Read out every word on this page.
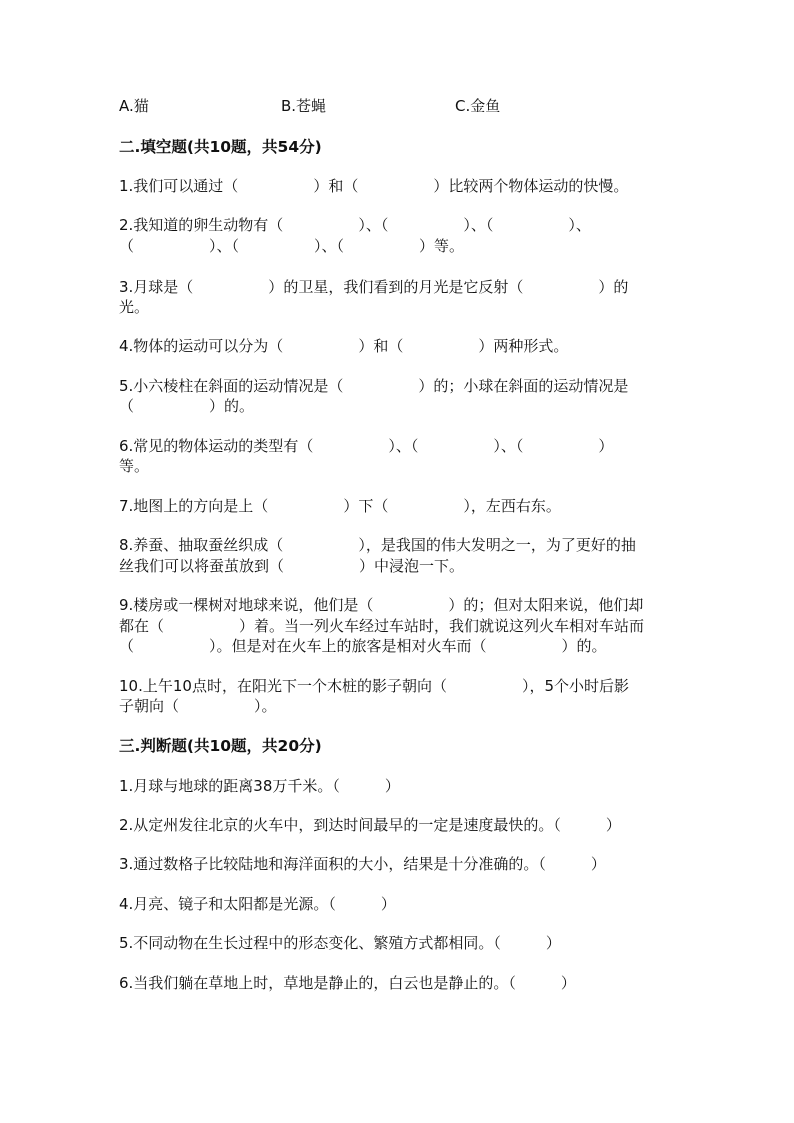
A.猫	B.苍蝇	C.金鱼
二.填空题(共10题，共54分)
1.我们可以通过（　　　　　）和（　　　　　）比较两个物体运动的快慢。
2.我知道的卵生动物有（　　　　　）、（　　　　　）、（　　　　　）、
（　　　　　）、（　　　　　）、（　　　　　）等。
3.月球是（　　　　　）的卫星，我们看到的月光是它反射（　　　　　）的
光。
4.物体的运动可以分为（　　　　　）和（　　　　　）两种形式。
5.小六棱柱在斜面的运动情况是（　　　　　）的；小球在斜面的运动情况是
（　　　　　）的。
6.常见的物体运动的类型有（　　　　　）、（　　　　　）、（　　　　　）
等。
7.地图上的方向是上（　　　　　）下（　　　　　），左西右东。
8.养蚕、抽取蚕丝织成（　　　　　），是我国的伟大发明之一，为了更好的抽
丝我们可以将蚕茧放到（　　　　　）中浸泡一下。
9.楼房或一棵树对地球来说，他们是（　　　　　）的；但对太阳来说，他们却
都在（　　　　　）着。当一列火车经过车站时，我们就说这列火车相对车站而
（　　　　　）。但是对在火车上的旅客是相对火车而（　　　　　）的。
10.上午10点时，在阳光下一个木桩的影子朝向（　　　　　），5个小时后影
子朝向（　　　　　）。
三.判断题(共10题，共20分)
1.月球与地球的距离38万千米。（　　　）
2.从定州发往北京的火车中，到达时间最早的一定是速度最快的。（　　　）
3.通过数格子比较陆地和海洋面积的大小，结果是十分准确的。（　　　）
4.月亮、镜子和太阳都是光源。（　　　）
5.不同动物在生长过程中的形态变化、繁殖方式都相同。（　　　）
6.当我们躺在草地上时，草地是静止的，白云也是静止的。（　　　）
